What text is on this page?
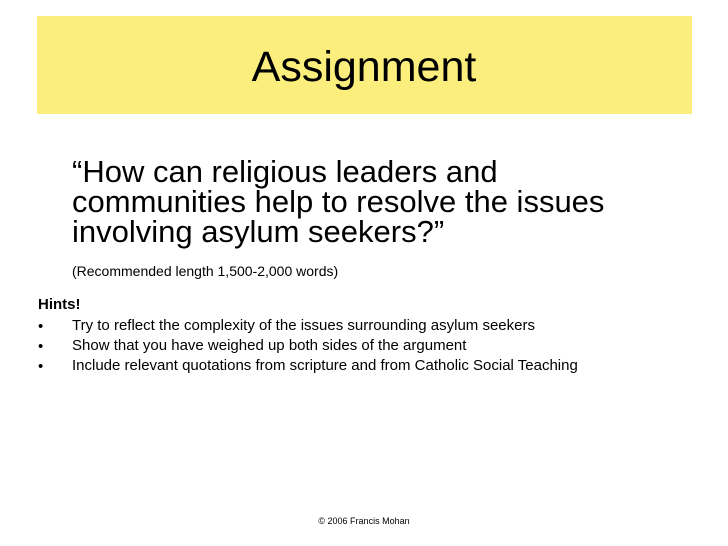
Assignment

“How can religious leaders and

communities help to resolve the issues

involving asylum seekers?”

(Recommended length 1,500-2,000 words)

Hints!

• Try to reflect the complexity of the issues surrounding asylum seekers
• Show that you have weighed up both sides of the argument
• Include relevant quotations from scripture and from Catholic Social Teaching
© 2006 Francis Mohan
